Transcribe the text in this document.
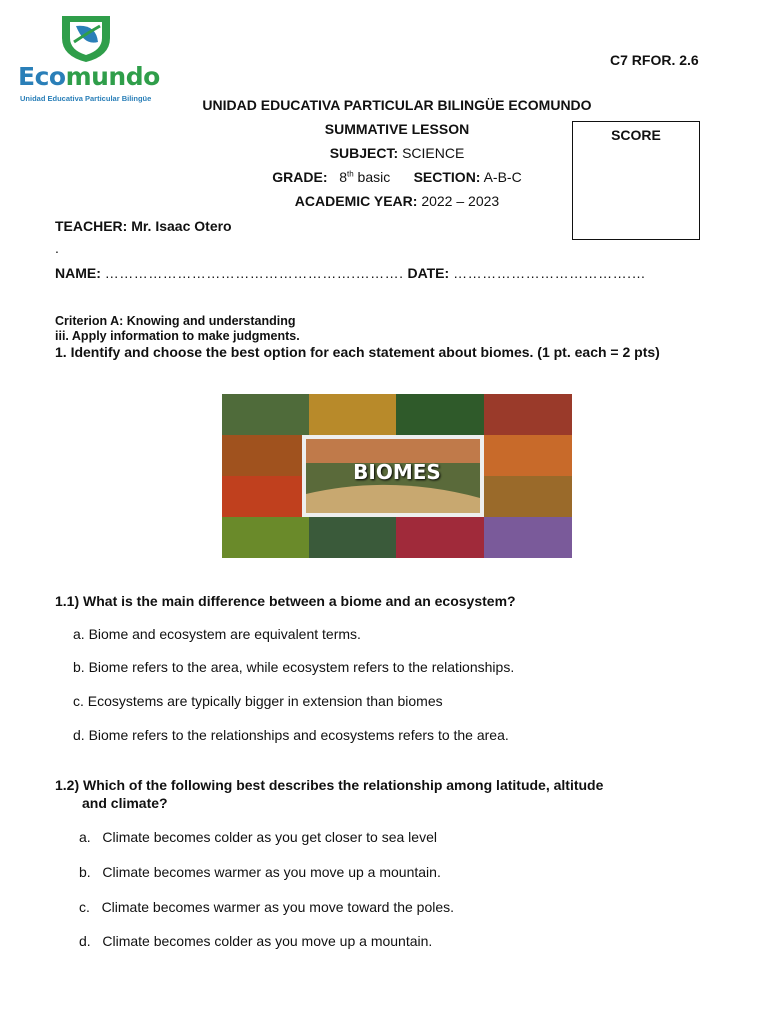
Ecomundo
Unidad Educativa Particular Bilingüe
C7 RFOR. 2.6
UNIDAD EDUCATIVA PARTICULAR BILINGÜE ECOMUNDO
SUMMATIVE LESSON
SUBJECT: SCIENCE
GRADE: 8th basic SECTION: A-B-C
ACADEMIC YEAR: 2022 – 2023
SCORE
TEACHER: Mr. Isaac Otero
.
NAME: …………………………………………….………. DATE: ……………………………….…
Criterion A: Knowing and understanding
iii. Apply information to make judgments.
1. Identify and choose the best option for each statement about biomes. (1 pt. each = 2 pts)
BIOMES
1.1) What is the main difference between a biome and an ecosystem?
a. Biome and ecosystem are equivalent terms.
b. Biome refers to the area, while ecosystem refers to the relationships.
c. Ecosystems are typically bigger in extension than biomes
d. Biome refers to the relationships and ecosystems refers to the area.
1.2) Which of the following best describes the relationship among latitude, altitude
and climate?
a. Climate becomes colder as you get closer to sea level
b. Climate becomes warmer as you move up a mountain.
c. Climate becomes warmer as you move toward the poles.
d. Climate becomes colder as you move up a mountain.
